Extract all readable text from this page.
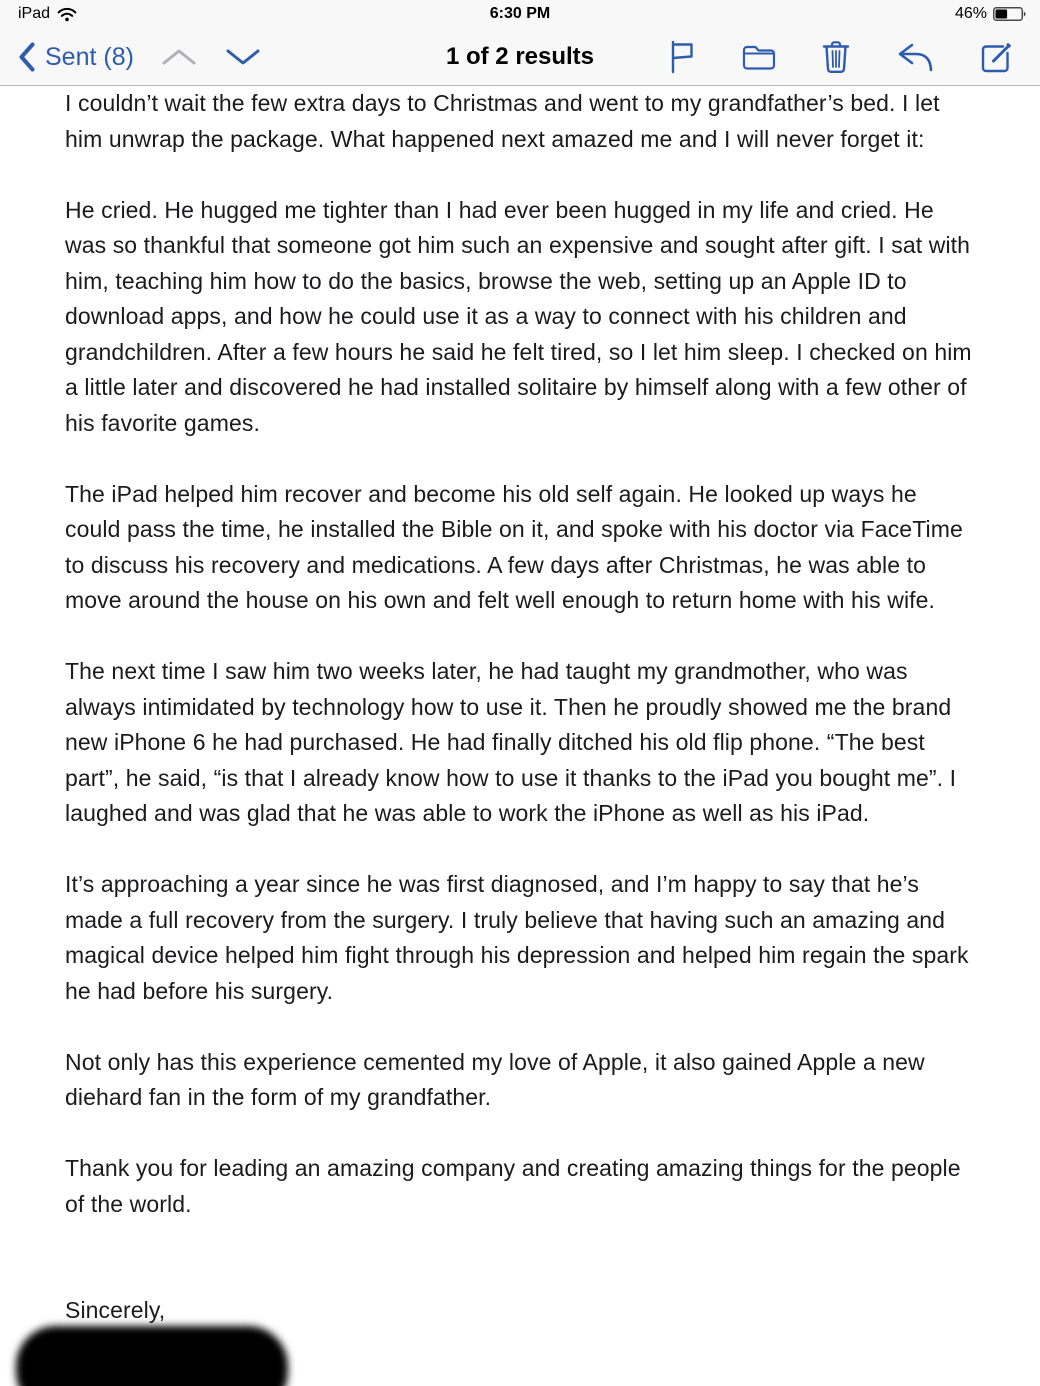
iPad	6:30 PM	46%
Sent (8)	1 of 2 results

I couldn’t wait the few extra days to Christmas and went to my grandfather’s bed. I let him unwrap the package. What happened next amazed me and I will never forget it:

He cried. He hugged me tighter than I had ever been hugged in my life and cried. He was so thankful that someone got him such an expensive and sought after gift. I sat with him, teaching him how to do the basics, browse the web, setting up an Apple ID to download apps, and how he could use it as a way to connect with his children and grandchildren. After a few hours he said he felt tired, so I let him sleep. I checked on him a little later and discovered he had installed solitaire by himself along with a few other of his favorite games.

The iPad helped him recover and become his old self again. He looked up ways he could pass the time, he installed the Bible on it, and spoke with his doctor via FaceTime to discuss his recovery and medications. A few days after Christmas, he was able to move around the house on his own and felt well enough to return home with his wife.

The next time I saw him two weeks later, he had taught my grandmother, who was always intimidated by technology how to use it. Then he proudly showed me the brand new iPhone 6 he had purchased. He had finally ditched his old flip phone. “The best part”, he said, “is that I already know how to use it thanks to the iPad you bought me”. I laughed and was glad that he was able to work the iPhone as well as his iPad.

It’s approaching a year since he was first diagnosed, and I’m happy to say that he’s made a full recovery from the surgery. I truly believe that having such an amazing and magical device helped him fight through his depression and helped him regain the spark he had before his surgery.

Not only has this experience cemented my love of Apple, it also gained Apple a new diehard fan in the form of my grandfather.

Thank you for leading an amazing company and creating amazing things for the people of the world.

Sincerely,
